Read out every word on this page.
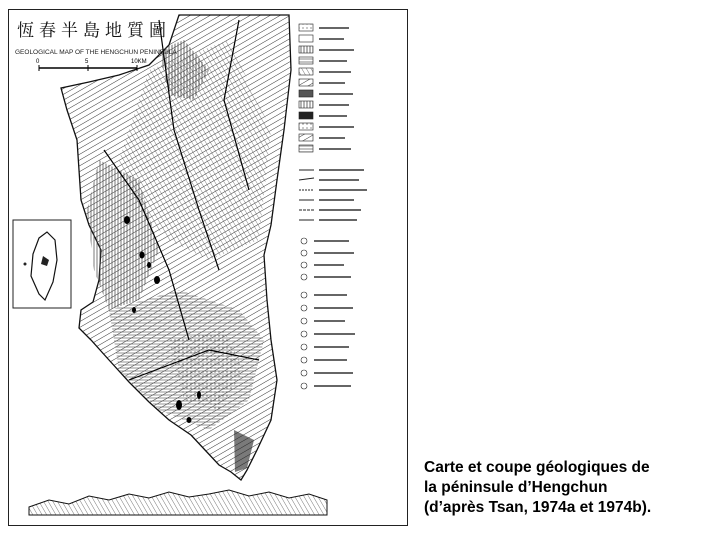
恆春半島地質圖
GEOLOGICAL MAP OF THE HENGCHUN PENINSULA
0	5	10KM
Carte et coupe géologiques de
la péninsule d’Hengchun
(d’après Tsan, 1974a et 1974b).
